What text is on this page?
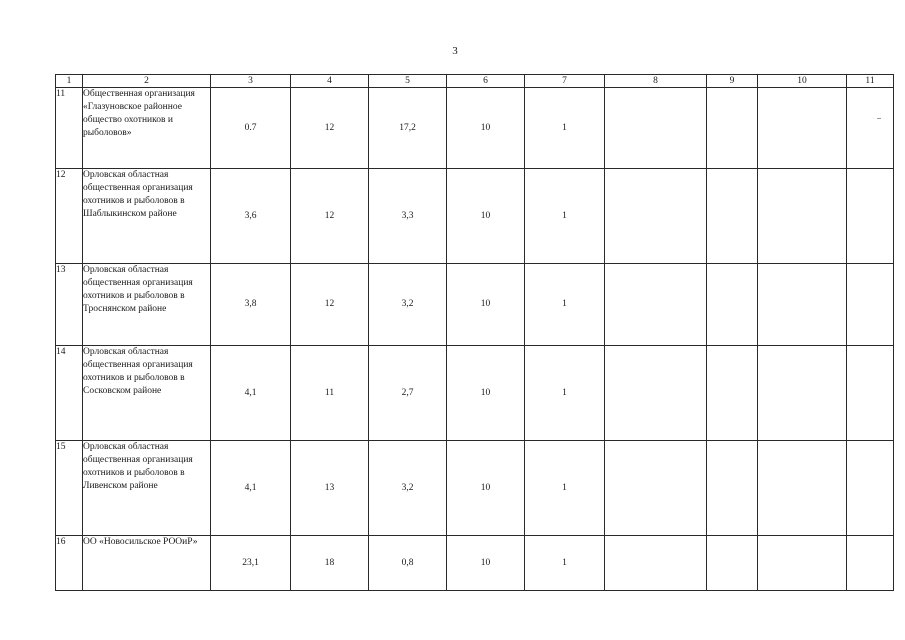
3
1	2	3	4	5	6	7	8	9	10	11
11	Общественная организация «Глазуновское районное общество охотников и рыболовов»	0.7	12	17,2	10	1				
12	Орловская областная общественная организация охотников и рыболовов в Шаблыкинском районе	3,6	12	3,3	10	1				
13	Орловская областная общественная организация охотников и рыболовов в Троснянском районе	3,8	12	3,2	10	1				
14	Орловская областная общественная организация охотников и рыболовов в Сосковском районе	4,1	11	2,7	10	1				
15	Орловская областная общественная организация охотников и рыболовов в Ливенском районе	4,1	13	3,2	10	1				
16	ОО «Новосильское РООиР»	23,1	18	0,8	10	1				
